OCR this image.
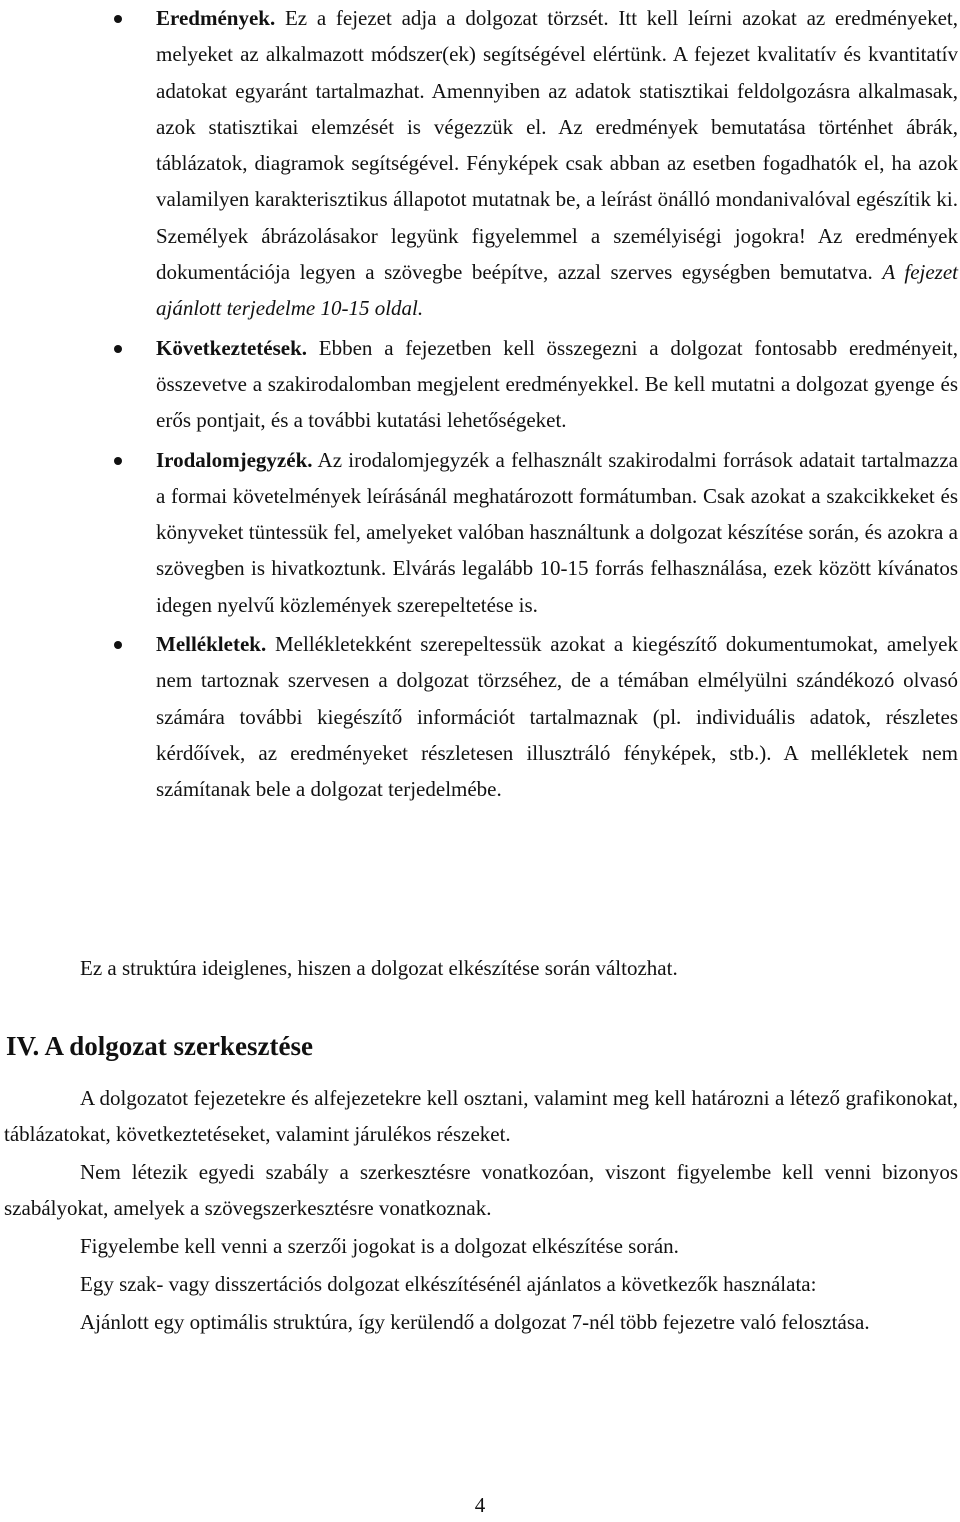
Eredmények. Ez a fejezet adja a dolgozat törzsét. Itt kell leírni azokat az eredményeket, melyeket az alkalmazott módszer(ek) segítségével elértünk. A fejezet kvalitatív és kvantitatív adatokat egyaránt tartalmazhat. Amennyiben az adatok statisztikai feldolgozásra alkalmasak, azok statisztikai elemzését is végezzük el. Az eredmények bemutatása történhet ábrák, táblázatok, diagramok segítségével. Fényképek csak abban az esetben fogadhatók el, ha azok valamilyen karakterisztikus állapotot mutatnak be, a leírást önálló mondanivalóval egészítik ki. Személyek ábrázolásakor legyünk figyelemmel a személyiségi jogokra! Az eredmények dokumentációja legyen a szövegbe beépítve, azzal szerves egységben bemutatva. A fejezet ajánlott terjedelme 10-15 oldal.
Következtetések. Ebben a fejezetben kell összegezni a dolgozat fontosabb eredményeit, összevetve a szakirodalomban megjelent eredményekkel. Be kell mutatni a dolgozat gyenge és erős pontjait, és a további kutatási lehetőségeket.
Irodalomjegyzék. Az irodalomjegyzék a felhasznált szakirodalmi források adatait tartalmazza a formai követelmények leírásánál meghatározott formátumban. Csak azokat a szakcikkeket és könyveket tüntessük fel, amelyeket valóban használtunk a dolgozat készítése során, és azokra a szövegben is hivatkoztunk. Elvárás legalább 10-15 forrás felhasználása, ezek között kívánatos idegen nyelvű közlemények szerepeltetése is.
Mellékletek. Mellékletekként szerepeltessük azokat a kiegészítő dokumentumokat, amelyek nem tartoznak szervesen a dolgozat törzséhez, de a témában elmélyülni szándékozó olvasó számára további kiegészítő információt tartalmaznak (pl. individuális adatok, részletes kérdőívek, az eredményeket részletesen illusztráló fényképek, stb.). A mellékletek nem számítanak bele a dolgozat terjedelmébe.
Ez a struktúra ideiglenes, hiszen a dolgozat elkészítése során változhat.
IV. A dolgozat szerkesztése

A dolgozatot fejezetekre és alfejezetekre kell osztani, valamint meg kell határozni a létező grafikonokat, táblázatokat, következtetéseket, valamint járulékos részeket.

Nem létezik egyedi szabály a szerkesztésre vonatkozóan, viszont figyelembe kell venni bizonyos szabályokat, amelyek a szövegszerkesztésre vonatkoznak.

Figyelembe kell venni a szerzői jogokat is a dolgozat elkészítése során.

Egy szak- vagy disszertációs dolgozat elkészítésénél ajánlatos a következők használata:

Ajánlott egy optimális struktúra, így kerülendő a dolgozat 7-nél több fejezetre való felosztása.

4
